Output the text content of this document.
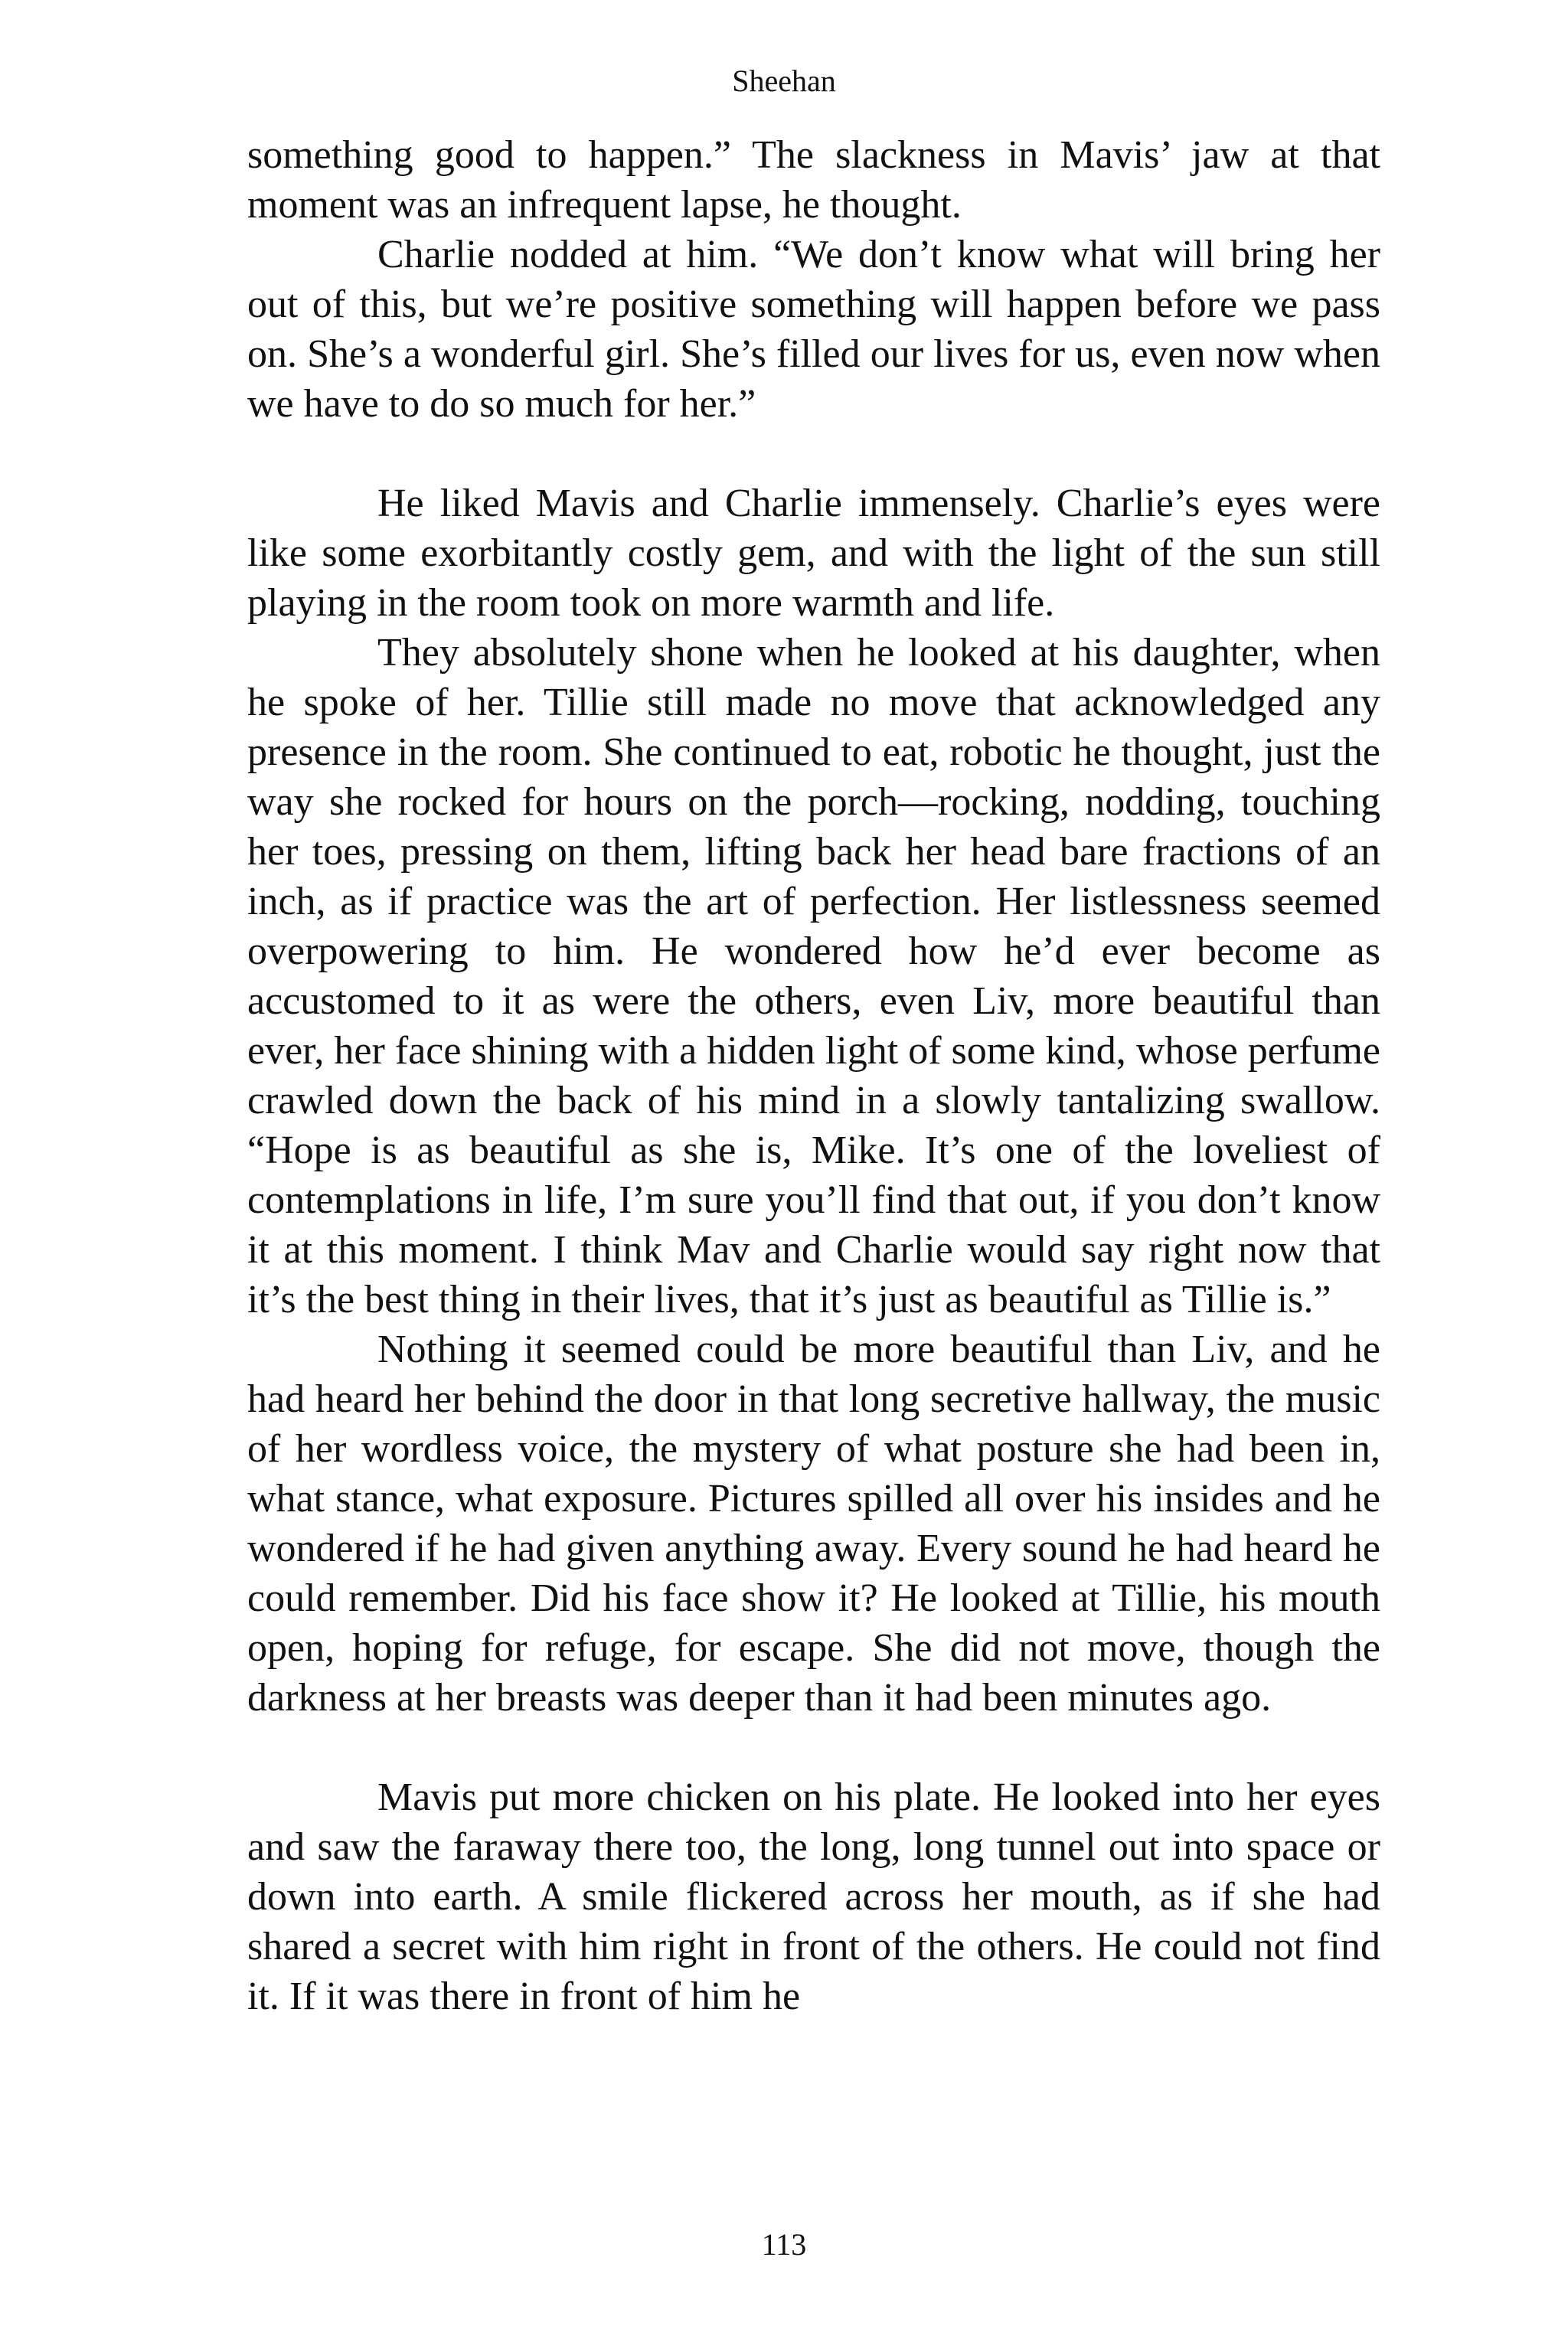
Sheehan

something good to happen.” The slackness in Mavis’ jaw at that moment was an infrequent lapse, he thought.

Charlie nodded at him. “We don’t know what will bring her out of this, but we’re positive something will happen before we pass on. She’s a wonderful girl. She’s filled our lives for us, even now when we have to do so much for her.”

He liked Mavis and Charlie immensely. Charlie’s eyes were like some exorbitantly costly gem, and with the light of the sun still playing in the room took on more warmth and life.

They absolutely shone when he looked at his daughter, when he spoke of her. Tillie still made no move that acknowledged any presence in the room. She continued to eat, robotic he thought, just the way she rocked for hours on the porch—rocking, nodding, touching her toes, pressing on them, lifting back her head bare fractions of an inch, as if practice was the art of perfection. Her listlessness seemed overpowering to him. He wondered how he’d ever become as accustomed to it as were the others, even Liv, more beautiful than ever, her face shining with a hidden light of some kind, whose perfume crawled down the back of his mind in a slowly tantalizing swallow. “Hope is as beautiful as she is, Mike. It’s one of the loveliest of contemplations in life, I’m sure you’ll find that out, if you don’t know it at this moment. I think Mav and Charlie would say right now that it’s the best thing in their lives, that it’s just as beautiful as Tillie is.”

Nothing it seemed could be more beautiful than Liv, and he had heard her behind the door in that long secretive hallway, the music of her wordless voice, the mystery of what posture she had been in, what stance, what exposure. Pictures spilled all over his insides and he wondered if he had given anything away. Every sound he had heard he could remember. Did his face show it? He looked at Tillie, his mouth open, hoping for refuge, for escape. She did not move, though the darkness at her breasts was deeper than it had been minutes ago.

Mavis put more chicken on his plate. He looked into her eyes and saw the faraway there too, the long, long tunnel out into space or down into earth. A smile flickered across her mouth, as if she had shared a secret with him right in front of the others. He could not find it. If it was there in front of him he

113
